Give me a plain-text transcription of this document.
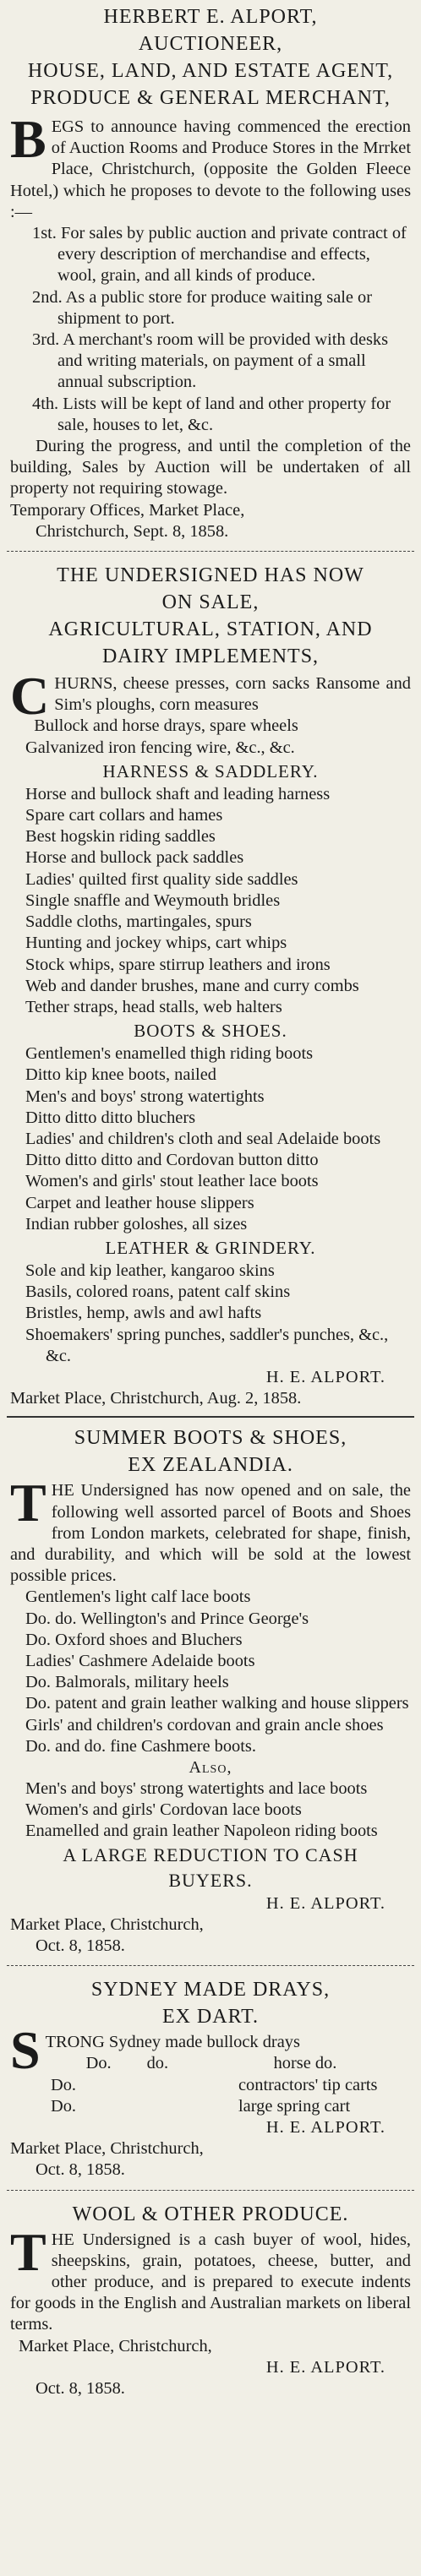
HERBERT E. ALPORT,
AUCTIONEER,
HOUSE, LAND, AND ESTATE AGENT,
PRODUCE & GENERAL MERCHANT,
BEGS to announce having commenced the erection of Auction Rooms and Produce Stores in the Mrrket Place, Christchurch, (opposite the Golden Fleece Hotel,) which he proposes to devote to the following uses :—
1st. For sales by public auction and private contract of every description of merchandise and effects, wool, grain, and all kinds of produce.
2nd. As a public store for produce waiting sale or shipment to port.
3rd. A merchant's room will be provided with desks and writing materials, on payment of a small annual subscription.
4th. Lists will be kept of land and other property for sale, houses to let, &c.
During the progress, and until the completion of the building, Sales by Auction will be undertaken of all property not requiring stowage.
Temporary Offices, Market Place,
Christchurch, Sept. 8, 1858.
THE UNDERSIGNED HAS NOW
ON SALE,
AGRICULTURAL, STATION, AND
DAIRY IMPLEMENTS,
CHURNS, cheese presses, corn sacks Ransome and Sim's ploughs, corn measures
Bullock and horse drays, spare wheels
Galvanized iron fencing wire, &c., &c.
HARNESS & SADDLERY.
Horse and bullock shaft and leading harness
Spare cart collars and hames
Best hogskin riding saddles
Horse and bullock pack saddles
Ladies' quilted first quality side saddles
Single snaffle and Weymouth bridles
Saddle cloths, martingales, spurs
Hunting and jockey whips, cart whips
Stock whips, spare stirrup leathers and irons
Web and dander brushes, mane and curry combs
Tether straps, head stalls, web halters
BOOTS & SHOES.
Gentlemen's enamelled thigh riding boots
Ditto kip knee boots, nailed
Men's and boys' strong watertights
Ditto ditto ditto bluchers
Ladies' and children's cloth and seal Adelaide boots
Ditto ditto ditto and Cordovan button ditto
Women's and girls' stout leather lace boots
Carpet and leather house slippers
Indian rubber goloshes, all sizes
LEATHER & GRINDERY.
Sole and kip leather, kangaroo skins
Basils, colored roans, patent calf skins
Bristles, hemp, awls and awl hafts
Shoemakers' spring punches, saddler's punches, &c., &c.
H. E. ALPORT.
Market Place, Christchurch, Aug. 2, 1858.
SUMMER BOOTS & SHOES,
EX ZEALANDIA.
THE Undersigned has now opened and on sale, the following well assorted parcel of Boots and Shoes from London markets, celebrated for shape, finish, and durability, and which will be sold at the lowest possible prices.
Gentlemen's light calf lace boots
Do. do. Wellington's and Prince George's
Do. Oxford shoes and Bluchers
Ladies' Cashmere Adelaide boots
Do. Balmorals, military heels
Do. patent and grain leather walking and house slippers
Girls' and children's cordovan and grain ancle shoes
Do. and do. fine Cashmere boots.
Also,
Men's and boys' strong watertights and lace boots
Women's and girls' Cordovan lace boots
Enamelled and grain leather Napoleon riding boots
A LARGE REDUCTION TO CASH
BUYERS.
H. E. ALPORT.
Market Place, Christchurch,
Oct. 8, 1858.
SYDNEY MADE DRAYS,
EX DART.
STRONG Sydney made bullock drays
Do.	do.	horse do.
Do.	contractors' tip carts
Do.	large spring cart
H. E. ALPORT.
Market Place, Christchurch,
Oct. 8, 1858.
WOOL & OTHER PRODUCE.
THE Undersigned is a cash buyer of wool, hides, sheepskins, grain, potatoes, cheese, butter, and other produce, and is prepared to execute indents for goods in the English and Australian markets on liberal terms.
Market Place, Christchurch,
H. E. ALPORT.
Oct. 8, 1858.
